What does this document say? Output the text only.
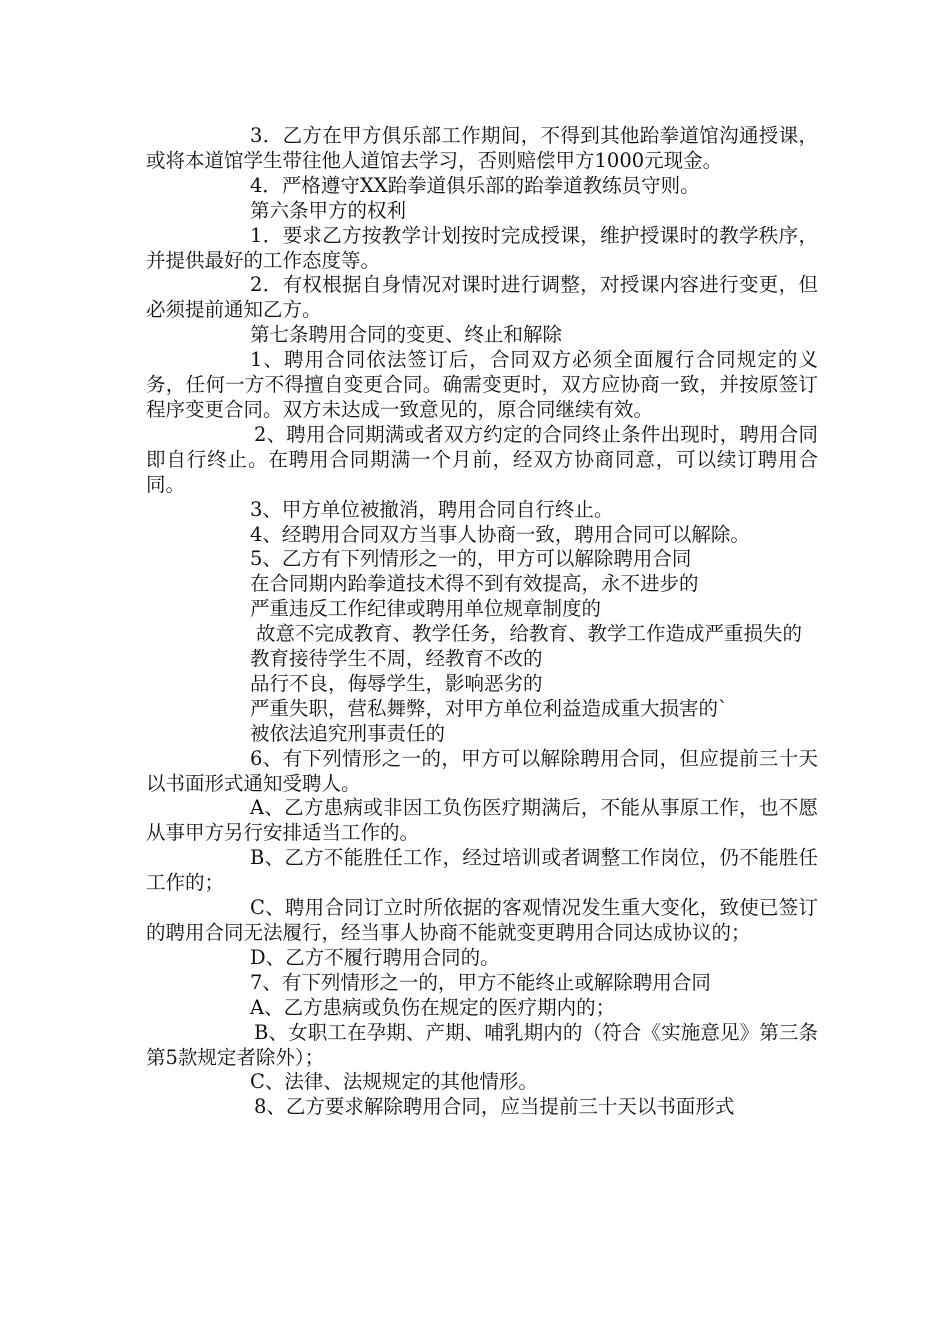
3．乙方在甲方俱乐部工作期间，不得到其他跆拳道馆沟通授课，或将本道馆学生带往他人道馆去学习，否则赔偿甲方1000元现金。

4．严格遵守XX跆拳道俱乐部的跆拳道教练员守则。

第六条甲方的权利

1．要求乙方按教学计划按时完成授课，维护授课时的教学秩序，并提供最好的工作态度等。

2．有权根据自身情况对课时进行调整，对授课内容进行变更，但必须提前通知乙方。

第七条聘用合同的变更、终止和解除

1、聘用合同依法签订后，合同双方必须全面履行合同规定的义务，任何一方不得擅自变更合同。确需变更时，双方应协商一致，并按原签订程序变更合同。双方未达成一致意见的，原合同继续有效。

2、聘用合同期满或者双方约定的合同终止条件出现时，聘用合同即自行终止。在聘用合同期满一个月前，经双方协商同意，可以续订聘用合同。

3、甲方单位被撤消，聘用合同自行终止。

4、经聘用合同双方当事人协商一致，聘用合同可以解除。

5、乙方有下列情形之一的，甲方可以解除聘用合同

在合同期内跆拳道技术得不到有效提高，永不进步的

严重违反工作纪律或聘用单位规章制度的

故意不完成教育、教学任务，给教育、教学工作造成严重损失的

教育接待学生不周，经教育不改的

品行不良，侮辱学生，影响恶劣的

严重失职，营私舞弊，对甲方单位利益造成重大损害的`

被依法追究刑事责任的

6、有下列情形之一的，甲方可以解除聘用合同，但应提前三十天以书面形式通知受聘人。

A、乙方患病或非因工负伤医疗期满后，不能从事原工作，也不愿从事甲方另行安排适当工作的。

B、乙方不能胜任工作，经过培训或者调整工作岗位，仍不能胜任工作的；

C、聘用合同订立时所依据的客观情况发生重大变化，致使已签订的聘用合同无法履行，经当事人协商不能就变更聘用合同达成协议的；

D、乙方不履行聘用合同的。

7、有下列情形之一的，甲方不能终止或解除聘用合同

A、乙方患病或负伤在规定的医疗期内的；

B、女职工在孕期、产期、哺乳期内的（符合《实施意见》第三条第5款规定者除外）；

C、法律、法规规定的其他情形。

8、乙方要求解除聘用合同，应当提前三十天以书面形式
